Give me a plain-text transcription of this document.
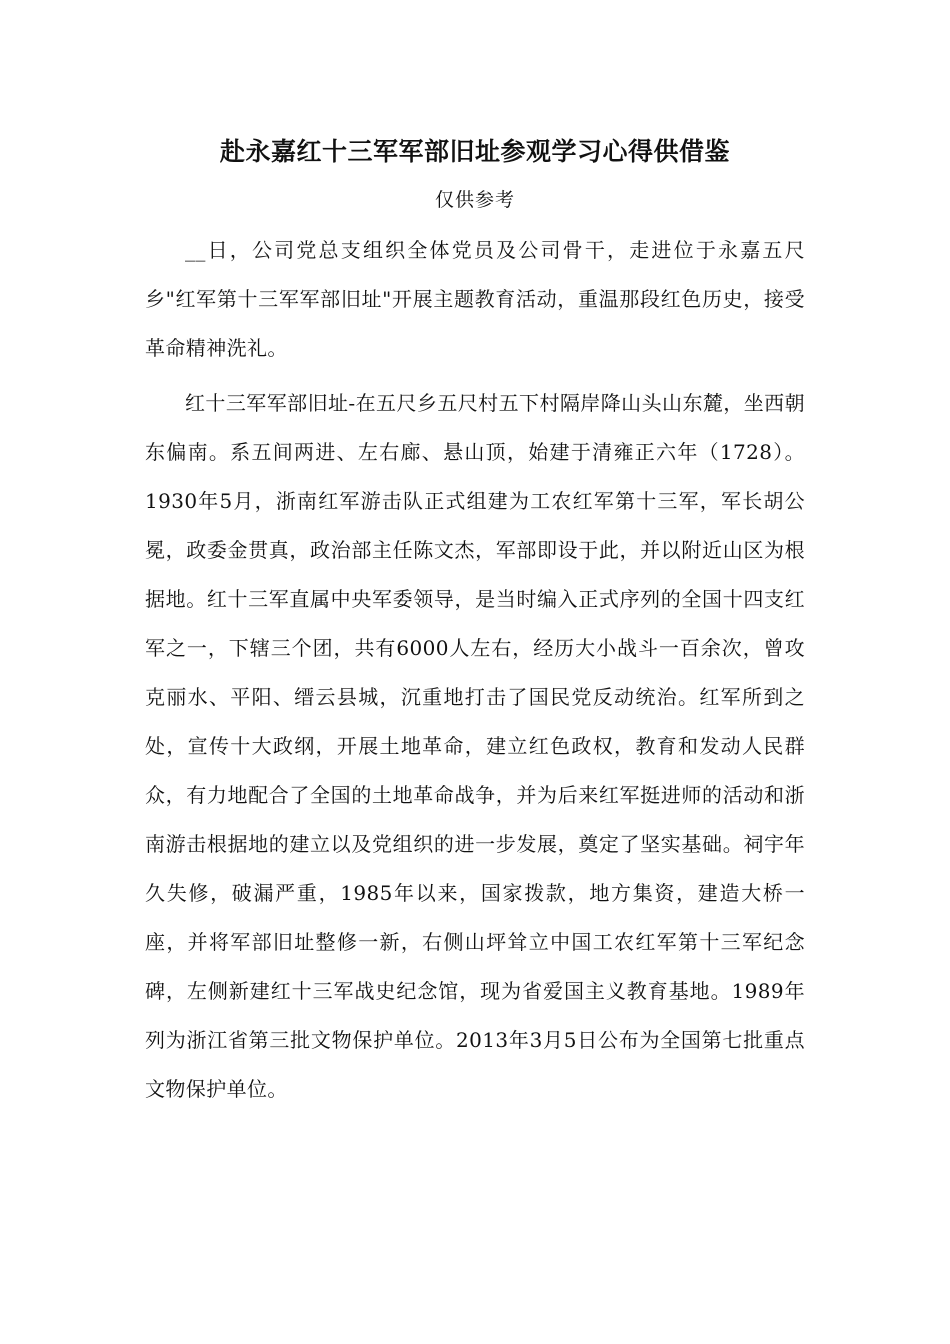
赴永嘉红十三军军部旧址参观学习心得供借鉴
仅供参考

__日，公司党总支组织全体党员及公司骨干，走进位于永嘉五尺乡"红军第十三军军部旧址"开展主题教育活动，重温那段红色历史，接受革命精神洗礼。

红十三军军部旧址-在五尺乡五尺村五下村隔岸降山头山东麓，坐西朝东偏南。系五间两进、左右廊、悬山顶，始建于清雍正六年（1728）。1930年5月，浙南红军游击队正式组建为工农红军第十三军，军长胡公冕，政委金贯真，政治部主任陈文杰，军部即设于此，并以附近山区为根据地。红十三军直属中央军委领导，是当时编入正式序列的全国十四支红军之一，下辖三个团，共有6000人左右，经历大小战斗一百余次，曾攻克丽水、平阳、缙云县城，沉重地打击了国民党反动统治。红军所到之处，宣传十大政纲，开展土地革命，建立红色政权，教育和发动人民群众，有力地配合了全国的土地革命战争，并为后来红军挺进师的活动和浙南游击根据地的建立以及党组织的进一步发展，奠定了坚实基础。祠宇年久失修，破漏严重，1985年以来，国家拨款，地方集资，建造大桥一座，并将军部旧址整修一新，右侧山坪耸立中国工农红军第十三军纪念碑，左侧新建红十三军战史纪念馆，现为省爱国主义教育基地。1989年列为浙江省第三批文物保护单位。2013年3月5日公布为全国第七批重点文物保护单位。
